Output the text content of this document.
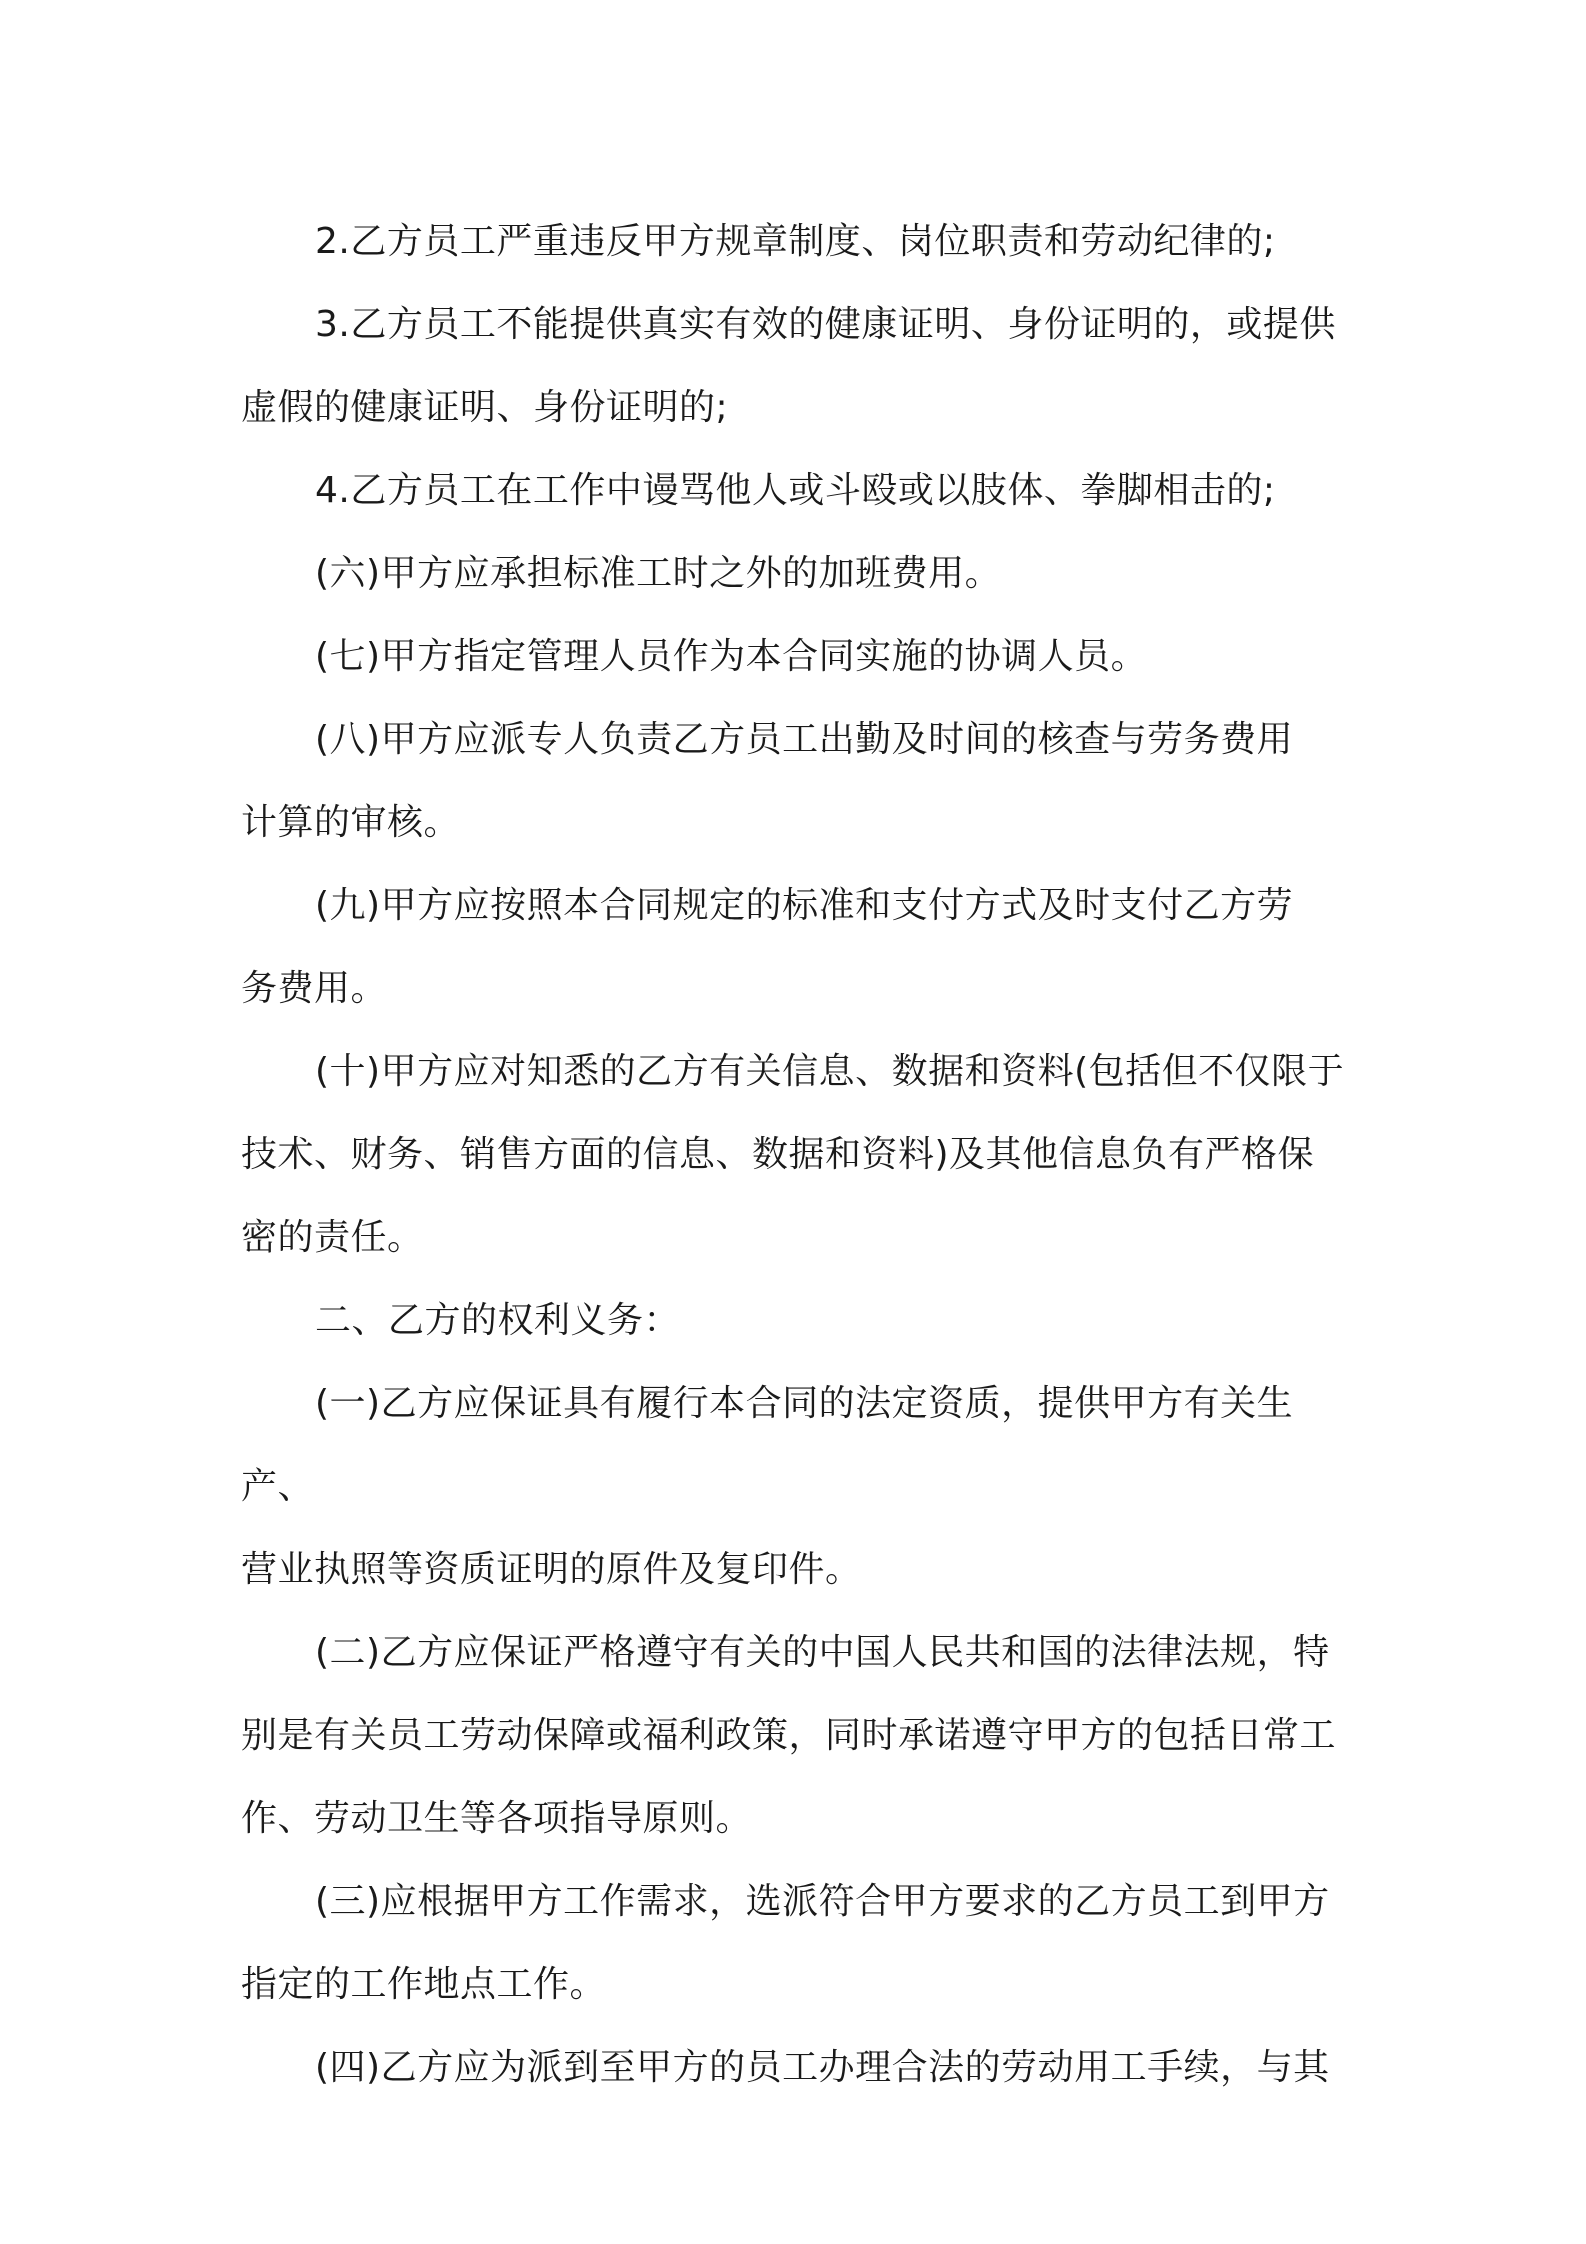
2.乙方员工严重违反甲方规章制度、岗位职责和劳动纪律的;

3.乙方员工不能提供真实有效的健康证明、身份证明的，或提供
虚假的健康证明、身份证明的;

4.乙方员工在工作中谩骂他人或斗殴或以肢体、拳脚相击的;

(六)甲方应承担标准工时之外的加班费用。

(七)甲方指定管理人员作为本合同实施的协调人员。

(八)甲方应派专人负责乙方员工出勤及时间的核查与劳务费用
计算的审核。

(九)甲方应按照本合同规定的标准和支付方式及时支付乙方劳
务费用。

(十)甲方应对知悉的乙方有关信息、数据和资料(包括但不仅限于
技术、财务、销售方面的信息、数据和资料)及其他信息负有严格保
密的责任。

二、乙方的权利义务：

(一)乙方应保证具有履行本合同的法定资质，提供甲方有关生产、
营业执照等资质证明的原件及复印件。

(二)乙方应保证严格遵守有关的中国人民共和国的法律法规，特
别是有关员工劳动保障或福利政策，同时承诺遵守甲方的包括日常工
作、劳动卫生等各项指导原则。

(三)应根据甲方工作需求，选派符合甲方要求的乙方员工到甲方
指定的工作地点工作。

(四)乙方应为派到至甲方的员工办理合法的劳动用工手续，与其
